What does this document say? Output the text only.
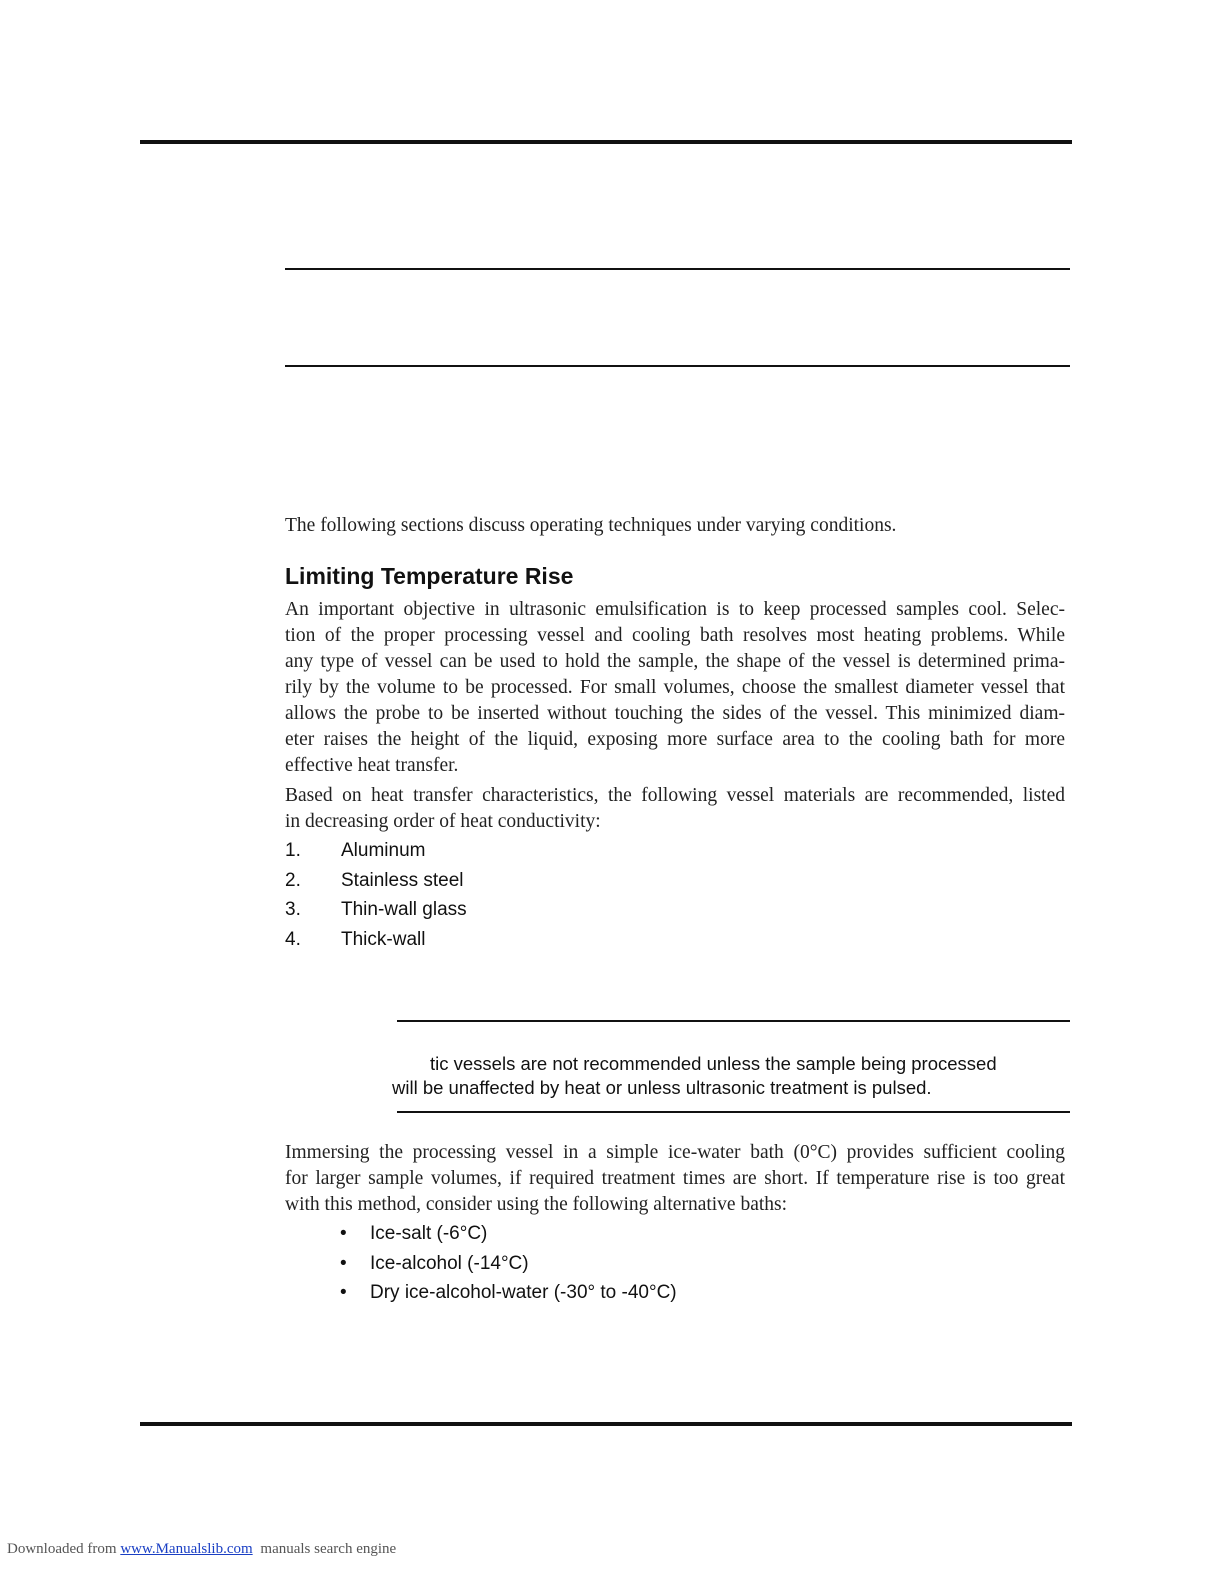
The following sections discuss operating techniques under varying conditions.
Limiting Temperature Rise
An important objective in ultrasonic emulsification is to keep processed samples cool. Selec-
tion of the proper processing vessel and cooling bath resolves most heating problems. While
any type of vessel can be used to hold the sample, the shape of the vessel is determined prima-
rily by the volume to be processed. For small volumes, choose the smallest diameter vessel that
allows the probe to be inserted without touching the sides of the vessel. This minimized diam-
eter raises the height of the liquid, exposing more surface area to the cooling bath for more
effective heat transfer.
Based on heat transfer characteristics, the following vessel materials are recommended, listed
in decreasing order of heat conductivity:
1. Aluminum
2. Stainless steel
3. Thin-wall glass
4. Thick-wall
tic vessels are not recommended unless the sample being processed
will be unaffected by heat or unless ultrasonic treatment is pulsed.
Immersing the processing vessel in a simple ice-water bath (0°C) provides sufficient cooling
for larger sample volumes, if required treatment times are short. If temperature rise is too great
with this method, consider using the following alternative baths:
• Ice-salt (-6°C)
• Ice-alcohol (-14°C)
• Dry ice-alcohol-water (-30° to -40°C)
Downloaded from www.Manualslib.com manuals search engine
